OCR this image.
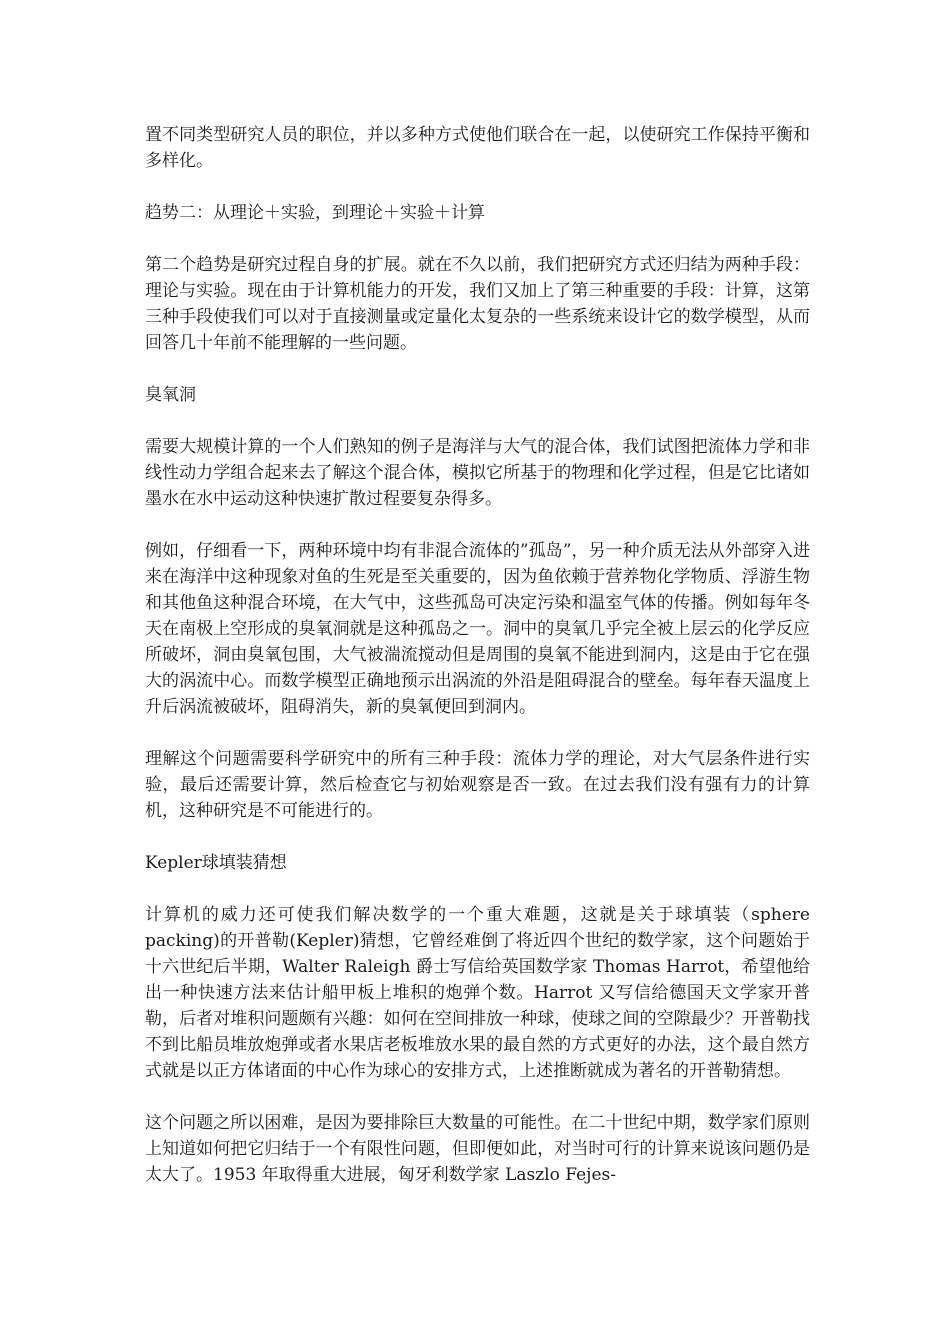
置不同类型研究人员的职位，并以多种方式使他们联合在一起，以使研究工作保持平衡和多样化。

趋势二：从理论＋实验，到理论＋实验＋计算

第二个趋势是研究过程自身的扩展。就在不久以前，我们把研究方式还归结为两种手段：理论与实验。现在由于计算机能力的开发，我们又加上了第三种重要的手段：计算，这第三种手段使我们可以对于直接测量或定量化太复杂的一些系统来设计它的数学模型，从而回答几十年前不能理解的一些问题。

臭氧洞

需要大规模计算的一个人们熟知的例子是海洋与大气的混合体，我们试图把流体力学和非线性动力学组合起来去了解这个混合体，模拟它所基于的物理和化学过程，但是它比诸如墨水在水中运动这种快速扩散过程要复杂得多。

例如，仔细看一下，两种环境中均有非混合流体的”孤岛”，另一种介质无法从外部穿入进来在海洋中这种现象对鱼的生死是至关重要的，因为鱼依赖于营养物化学物质、浮游生物和其他鱼这种混合环境，在大气中，这些孤岛可决定污染和温室气体的传播。例如每年冬天在南极上空形成的臭氧洞就是这种孤岛之一。洞中的臭氧几乎完全被上层云的化学反应所破坏，洞由臭氧包围，大气被湍流搅动但是周围的臭氧不能进到洞内，这是由于它在强大的涡流中心。而数学模型正确地预示出涡流的外沿是阻碍混合的壁垒。每年春天温度上升后涡流被破坏，阻碍消失，新的臭氧便回到洞内。

理解这个问题需要科学研究中的所有三种手段：流体力学的理论，对大气层条件进行实验，最后还需要计算，然后检查它与初始观察是否一致。在过去我们没有强有力的计算机，这种研究是不可能进行的。

Kepler球填装猜想

计算机的威力还可使我们解决数学的一个重大难题，这就是关于球填装（sphere packing)的开普勒(Kepler)猜想，它曾经难倒了将近四个世纪的数学家，这个问题始于十六世纪后半期，Walter Raleigh 爵士写信给英国数学家 Thomas Harrot，希望他给出一种快速方法来估计船甲板上堆积的炮弹个数。Harrot 又写信给德国天文学家开普勒，后者对堆积问题颇有兴趣：如何在空间排放一种球，使球之间的空隙最少？开普勒找不到比船员堆放炮弹或者水果店老板堆放水果的最自然的方式更好的办法，这个最自然方式就是以正方体诸面的中心作为球心的安排方式，上述推断就成为著名的开普勒猜想。

这个问题之所以困难，是因为要排除巨大数量的可能性。在二十世纪中期，数学家们原则上知道如何把它归结于一个有限性问题，但即便如此，对当时可行的计算来说该问题仍是太大了。1953 年取得重大进展，匈牙利数学家 Laszlo Fejes-
